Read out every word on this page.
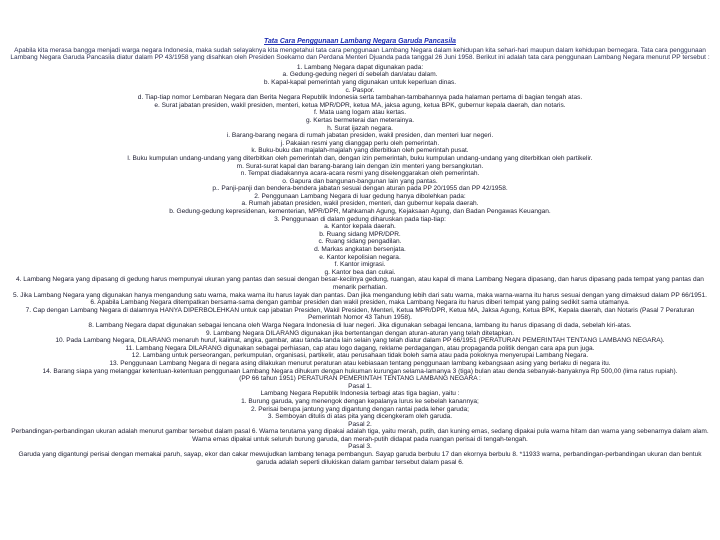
Tata Cara Penggunaan Lambang Negara Garuda Pancasila
Apabila kita merasa bangga menjadi warga negara Indonesia, maka sudah selayaknya kita mengetahui tata cara penggunaan Lambang Negara dalam kehidupan kita sehari-hari maupun dalam kehidupan bernegara. Tata cara penggunaan Lambang Negara Garuda Pancasila diatur dalam PP 43/1958 yang disahkan oleh Presiden Soekarno dan Perdana Menteri Djuanda pada tanggal 26 Juni 1958. Berikut ini adalah tata cara penggunaan Lambang Negara menurut PP tersebut :
1. Lambang Negara dapat digunakan pada:
a. Gedung-gedung negeri di sebelah dan/atau dalam.
b. Kapal-kapal pemerintah yang digunakan untuk keperluan dinas.
c. Paspor.
d. Tiap-tiap nomor Lembaran Negara dan Berita Negara Republik Indonesia serta tambahan-tambahannya pada halaman pertama di bagian tengah atas.
e. Surat jabatan presiden, wakil presiden, menteri, ketua MPR/DPR, ketua MA, jaksa agung, ketua BPK, gubernur kepala daerah, dan notaris.
f. Mata uang logam atau kertas.
g. Kertas bermeterai dan meterainya.
h. Surat ijazah negara.
i. Barang-barang negara di rumah jabatan presiden, wakil presiden, dan menteri luar negeri.
j. Pakaian resmi yang dianggap perlu oleh pemerintah.
k. Buku-buku dan majalah-majalah yang diterbitkan oleh pemerintah pusat.
l. Buku kumpulan undang-undang yang diterbitkan oleh pemerintah dan, dengan izin pemerintah, buku kumpulan undang-undang yang diterbitkan oleh partikelir.
m. Surat-surat kapal dan barang-barang lain dengan izin menteri yang bersangkutan.
n. Tempat diadakannya acara-acara resmi yang diselenggarakan oleh pemerintah.
o. Gapura dan bangunan-bangunan lain yang pantas.
p.. Panji-panji dan bendera-bendera jabatan sesuai dengan aturan pada PP 20/1955 dan PP 42/1958.
2. Penggunaan Lambang Negara di luar gedung hanya dibolehkan pada:
a. Rumah jabatan presiden, wakil presiden, menteri, dan gubernur kepala daerah.
b. Gedung-gedung kepresidenan, kementerian, MPR/DPR, Mahkamah Agung, Kejaksaan Agung, dan Badan Pengawas Keuangan.
3. Penggunaan di dalam gedung diharuskan pada tiap-tiap:
a. Kantor kepala daerah.
b. Ruang sidang MPR/DPR.
c. Ruang sidang pengadilan.
d. Markas angkatan bersenjata.
e. Kantor kepolisian negara.
f. Kantor imigrasi.
g. Kantor bea dan cukai.
4. Lambang Negara yang dipasang di gedung harus mempunyai ukuran yang pantas dan sesuai dengan besar-kecilnya gedung, ruangan, atau kapal di mana Lambang Negara dipasang, dan harus dipasang pada tempat yang pantas dan menarik perhatian.
5. Jika Lambang Negara yang digunakan hanya mengandung satu warna, maka warna itu harus layak dan pantas. Dan jika mengandung lebih dari satu warna, maka warna-warna itu harus sesuai dengan yang dimaksud dalam PP 66/1951.
6. Apabila Lambang Negara ditempatkan bersama-sama dengan gambar presiden dan wakil presiden, maka Lambang Negara itu harus diberi tempat yang paling sedikit sama utamanya.
7. Cap dengan Lambang Negara di dalamnya HANYA DIPERBOLEHKAN untuk cap jabatan Presiden, Wakil Presiden, Menteri, Ketua MPR/DPR, Ketua MA, Jaksa Agung, Ketua BPK, Kepala daerah, dan Notaris (Pasal 7 Peraturan Pemerintah Nomor 43 Tahun 1958).
8. Lambang Negara dapat digunakan sebagai lencana oleh Warga Negara Indonesia di luar negeri. Jika digunakan sebagai lencana, lambang itu harus dipasang di dada, sebelah kiri-atas.
9. Lambang Negara DILARANG digunakan jika bertentangan dengan aturan-aturan yang telah ditetapkan.
10. Pada Lambang Negara, DILARANG menaruh huruf, kalimat, angka, gambar, atau tanda-tanda lain selain yang telah diatur dalam PP 66/1951 (PERATURAN PEMERINTAH TENTANG LAMBANG NEGARA).
11. Lambang Negara DILARANG digunakan sebagai perhiasan, cap atau logo dagang, reklame perdagangan, atau propaganda politik dengan cara apa pun juga.
12. Lambang untuk perseorangan, perkumpulan, organisasi, partikelir, atau perusahaan tidak boleh sama atau pada pokoknya menyerupai Lambang Negara.
13. Penggunaan Lambang Negara di negara asing dilakukan menurut peraturan atau kebiasaan tentang penggunaan lambang kebangsaan asing yang berlaku di negara itu.
14. Barang siapa yang melanggar ketentuan-ketentuan penggunaan Lambang Negara dihukum dengan hukuman kurungan selama-lamanya 3 (tiga) bulan atau denda sebanyak-banyaknya Rp 500,00 (lima ratus rupiah).
(PP 66 tahun 1951) PERATURAN PEMERINTAH TENTANG LAMBANG NEGARA :
Pasal 1.
Lambang Negara Republik Indonesia terbagi atas tiga bagian, yaitu :
1. Burung garuda, yang menengok dengan kepalanya lurus ke sebelah kanannya;
2. Perisai berupa jantung yang digantung dengan rantai pada leher garuda;
3. Semboyan ditulis di atas pita yang dicengkeram oleh garuda.
Pasal 2.
Perbandingan-perbandingan ukuran adalah menurut gambar tersebut dalam pasal 6. Warna terutama yang dipakai adalah tiga, yaitu merah, putih, dan kuning emas, sedang dipakai pula warna hitam dan warna yang sebenarnya dalam alam.
Warna emas dipakai untuk seluruh burung garuda, dan merah-putih didapat pada ruangan perisai di tengah-tengah.
Pasal 3.
Garuda yang digantungi perisai dengan memakai paruh, sayap, ekor dan cakar mewujudkan lambang tenaga pembangun. Sayap garuda berbulu 17 dan ekornya berbulu 8. *11933 warna, perbandingan-perbandingan ukuran dan bentuk garuda adalah seperti dilukiskan dalam gambar tersebut dalam pasal 6.
